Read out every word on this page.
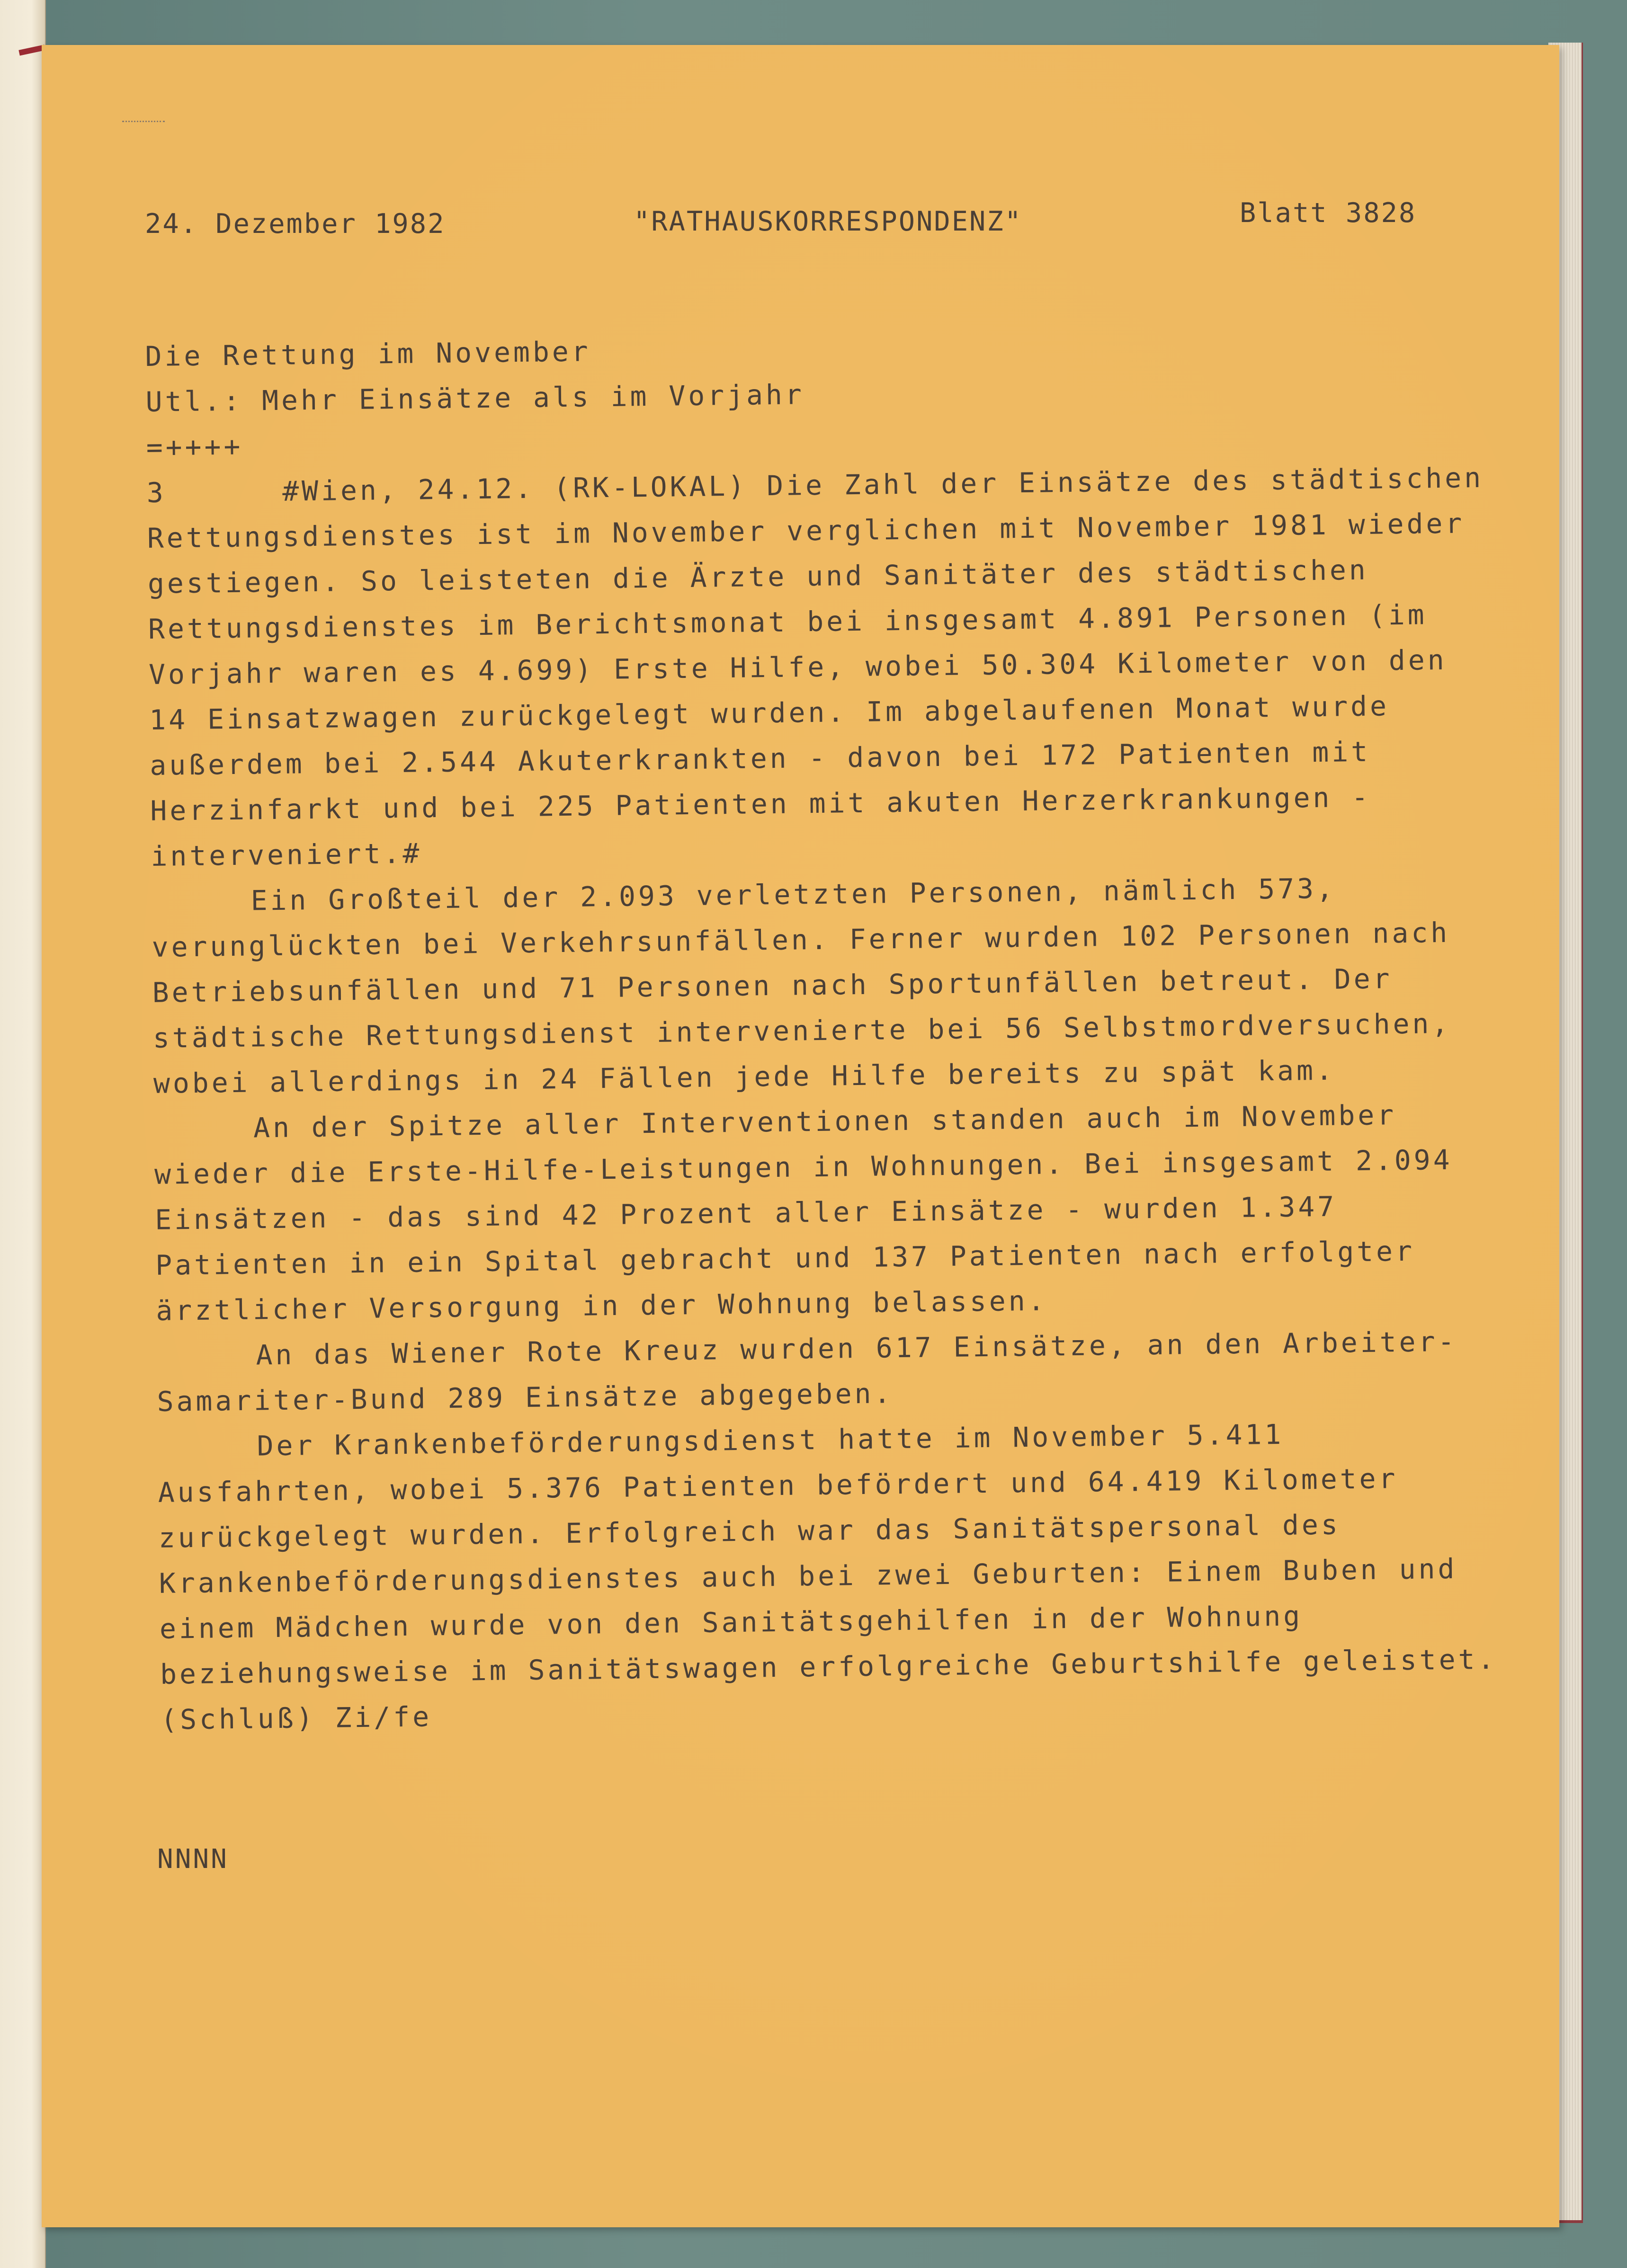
24. Dezember 1982	"RATHAUSKORRESPONDENZ"	Blatt 3828
Die Rettung im November
Utl.: Mehr Einsätze als im Vorjahr
=++++
3      #Wien, 24.12. (RK-LOKAL) Die Zahl der Einsätze des städtischen
Rettungsdienstes ist im November verglichen mit November 1981 wieder
gestiegen. So leisteten die Ärzte und Sanitäter des städtischen
Rettungsdienstes im Berichtsmonat bei insgesamt 4.891 Personen (im
Vorjahr waren es 4.699) Erste Hilfe, wobei 50.304 Kilometer von den
14 Einsatzwagen zurückgelegt wurden. Im abgelaufenen Monat wurde
außerdem bei 2.544 Akuterkrankten - davon bei 172 Patienten mit
Herzinfarkt und bei 225 Patienten mit akuten Herzerkrankungen -
interveniert.#
Ein Großteil der 2.093 verletzten Personen, nämlich 573,
verunglückten bei Verkehrsunfällen. Ferner wurden 102 Personen nach
Betriebsunfällen und 71 Personen nach Sportunfällen betreut. Der
städtische Rettungsdienst intervenierte bei 56 Selbstmordversuchen,
wobei allerdings in 24 Fällen jede Hilfe bereits zu spät kam.
An der Spitze aller Interventionen standen auch im November
wieder die Erste-Hilfe-Leistungen in Wohnungen. Bei insgesamt 2.094
Einsätzen - das sind 42 Prozent aller Einsätze - wurden 1.347
Patienten in ein Spital gebracht und 137 Patienten nach erfolgter
ärztlicher Versorgung in der Wohnung belassen.
An das Wiener Rote Kreuz wurden 617 Einsätze, an den Arbeiter-
Samariter-Bund 289 Einsätze abgegeben.
Der Krankenbeförderungsdienst hatte im November 5.411
Ausfahrten, wobei 5.376 Patienten befördert und 64.419 Kilometer
zurückgelegt wurden. Erfolgreich war das Sanitätspersonal des
Krankenbeförderungsdienstes auch bei zwei Geburten: Einem Buben und
einem Mädchen wurde von den Sanitätsgehilfen in der Wohnung
beziehungsweise im Sanitätswagen erfolgreiche Geburtshilfe geleistet.
(Schluß) Zi/fe
NNNN
